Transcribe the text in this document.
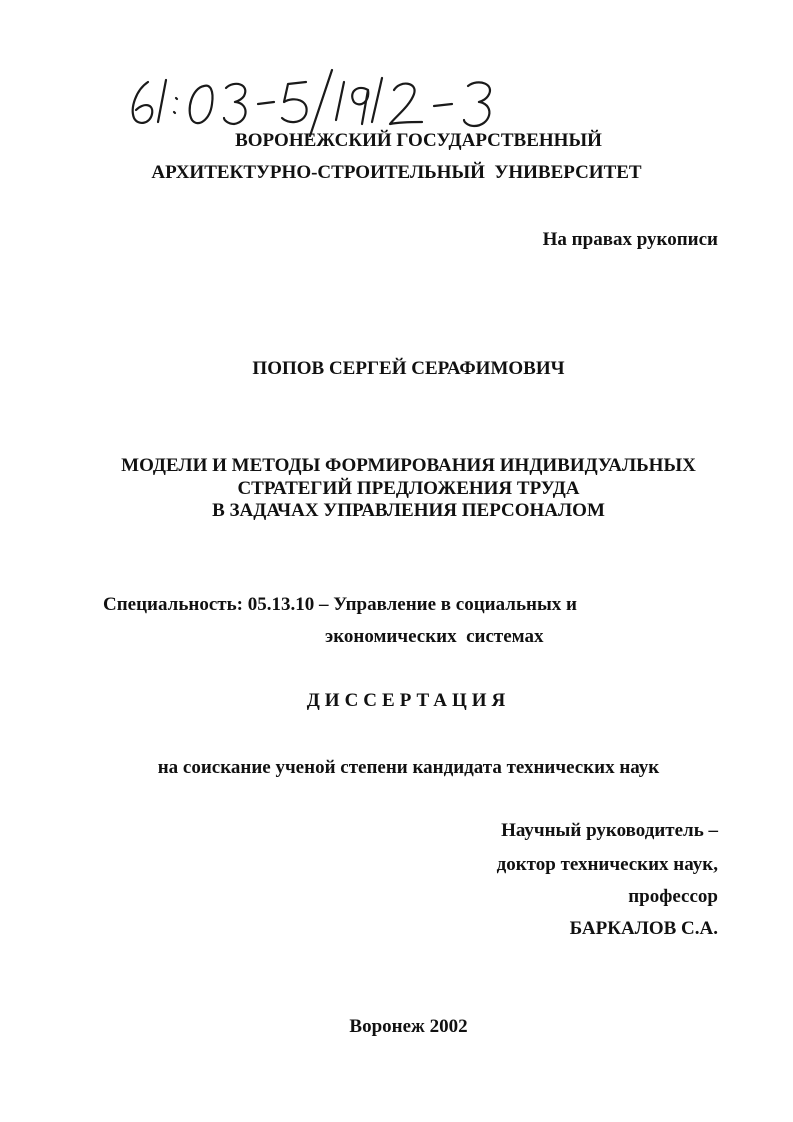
ВОРОНЕЖСКИЙ ГОСУДАРСТВЕННЫЙ
АРХИТЕКТУРНО-СТРОИТЕЛЬНЫЙ  УНИВЕРСИТЕТ
На правах рукописи
ПОПОВ СЕРГЕЙ СЕРАФИМОВИЧ
МОДЕЛИ И МЕТОДЫ ФОРМИРОВАНИЯ ИНДИВИДУАЛЬНЫХ
СТРАТЕГИЙ ПРЕДЛОЖЕНИЯ ТРУДА
В ЗАДАЧАХ УПРАВЛЕНИЯ ПЕРСОНАЛОМ
Специальность: 05.13.10 – Управление в социальных и
экономических  системах
ДИССЕРТАЦИЯ
на соискание ученой степени кандидата технических наук
Научный руководитель –
доктор технических наук,
профессор
БАРКАЛОВ С.А.
Воронеж 2002
